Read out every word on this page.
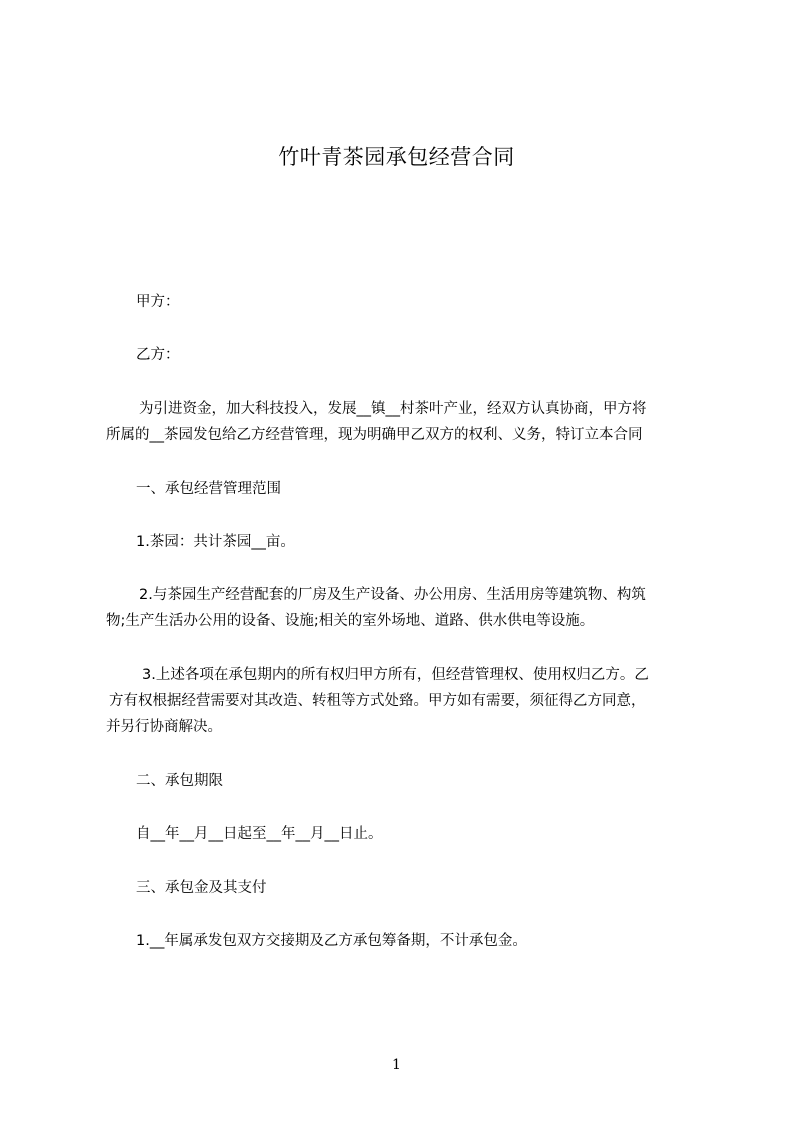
竹叶青茶园承包经营合同
甲方：
乙方：
为引进资金，加大科技投入，发展__镇__村茶叶产业，经双方认真协商，甲方将
所属的__茶园发包给乙方经营管理，现为明确甲乙双方的权利、义务，特订立本合同
一、承包经营管理范围
1.茶园：共计茶园__亩。
2.与茶园生产经营配套的厂房及生产设备、办公用房、生活用房等建筑物、构筑
物;生产生活办公用的设备、设施;相关的室外场地、道路、供水供电等设施。
3.上述各项在承包期内的所有权归甲方所有，但经营管理权、使用权归乙方。乙
方有权根据经营需要对其改造、转租等方式处臵。甲方如有需要，须征得乙方同意，
并另行协商解决。
二、承包期限
自__年__月__日起至__年__月__日止。
三、承包金及其支付
1.__年属承发包双方交接期及乙方承包筹备期，不计承包金。
1
